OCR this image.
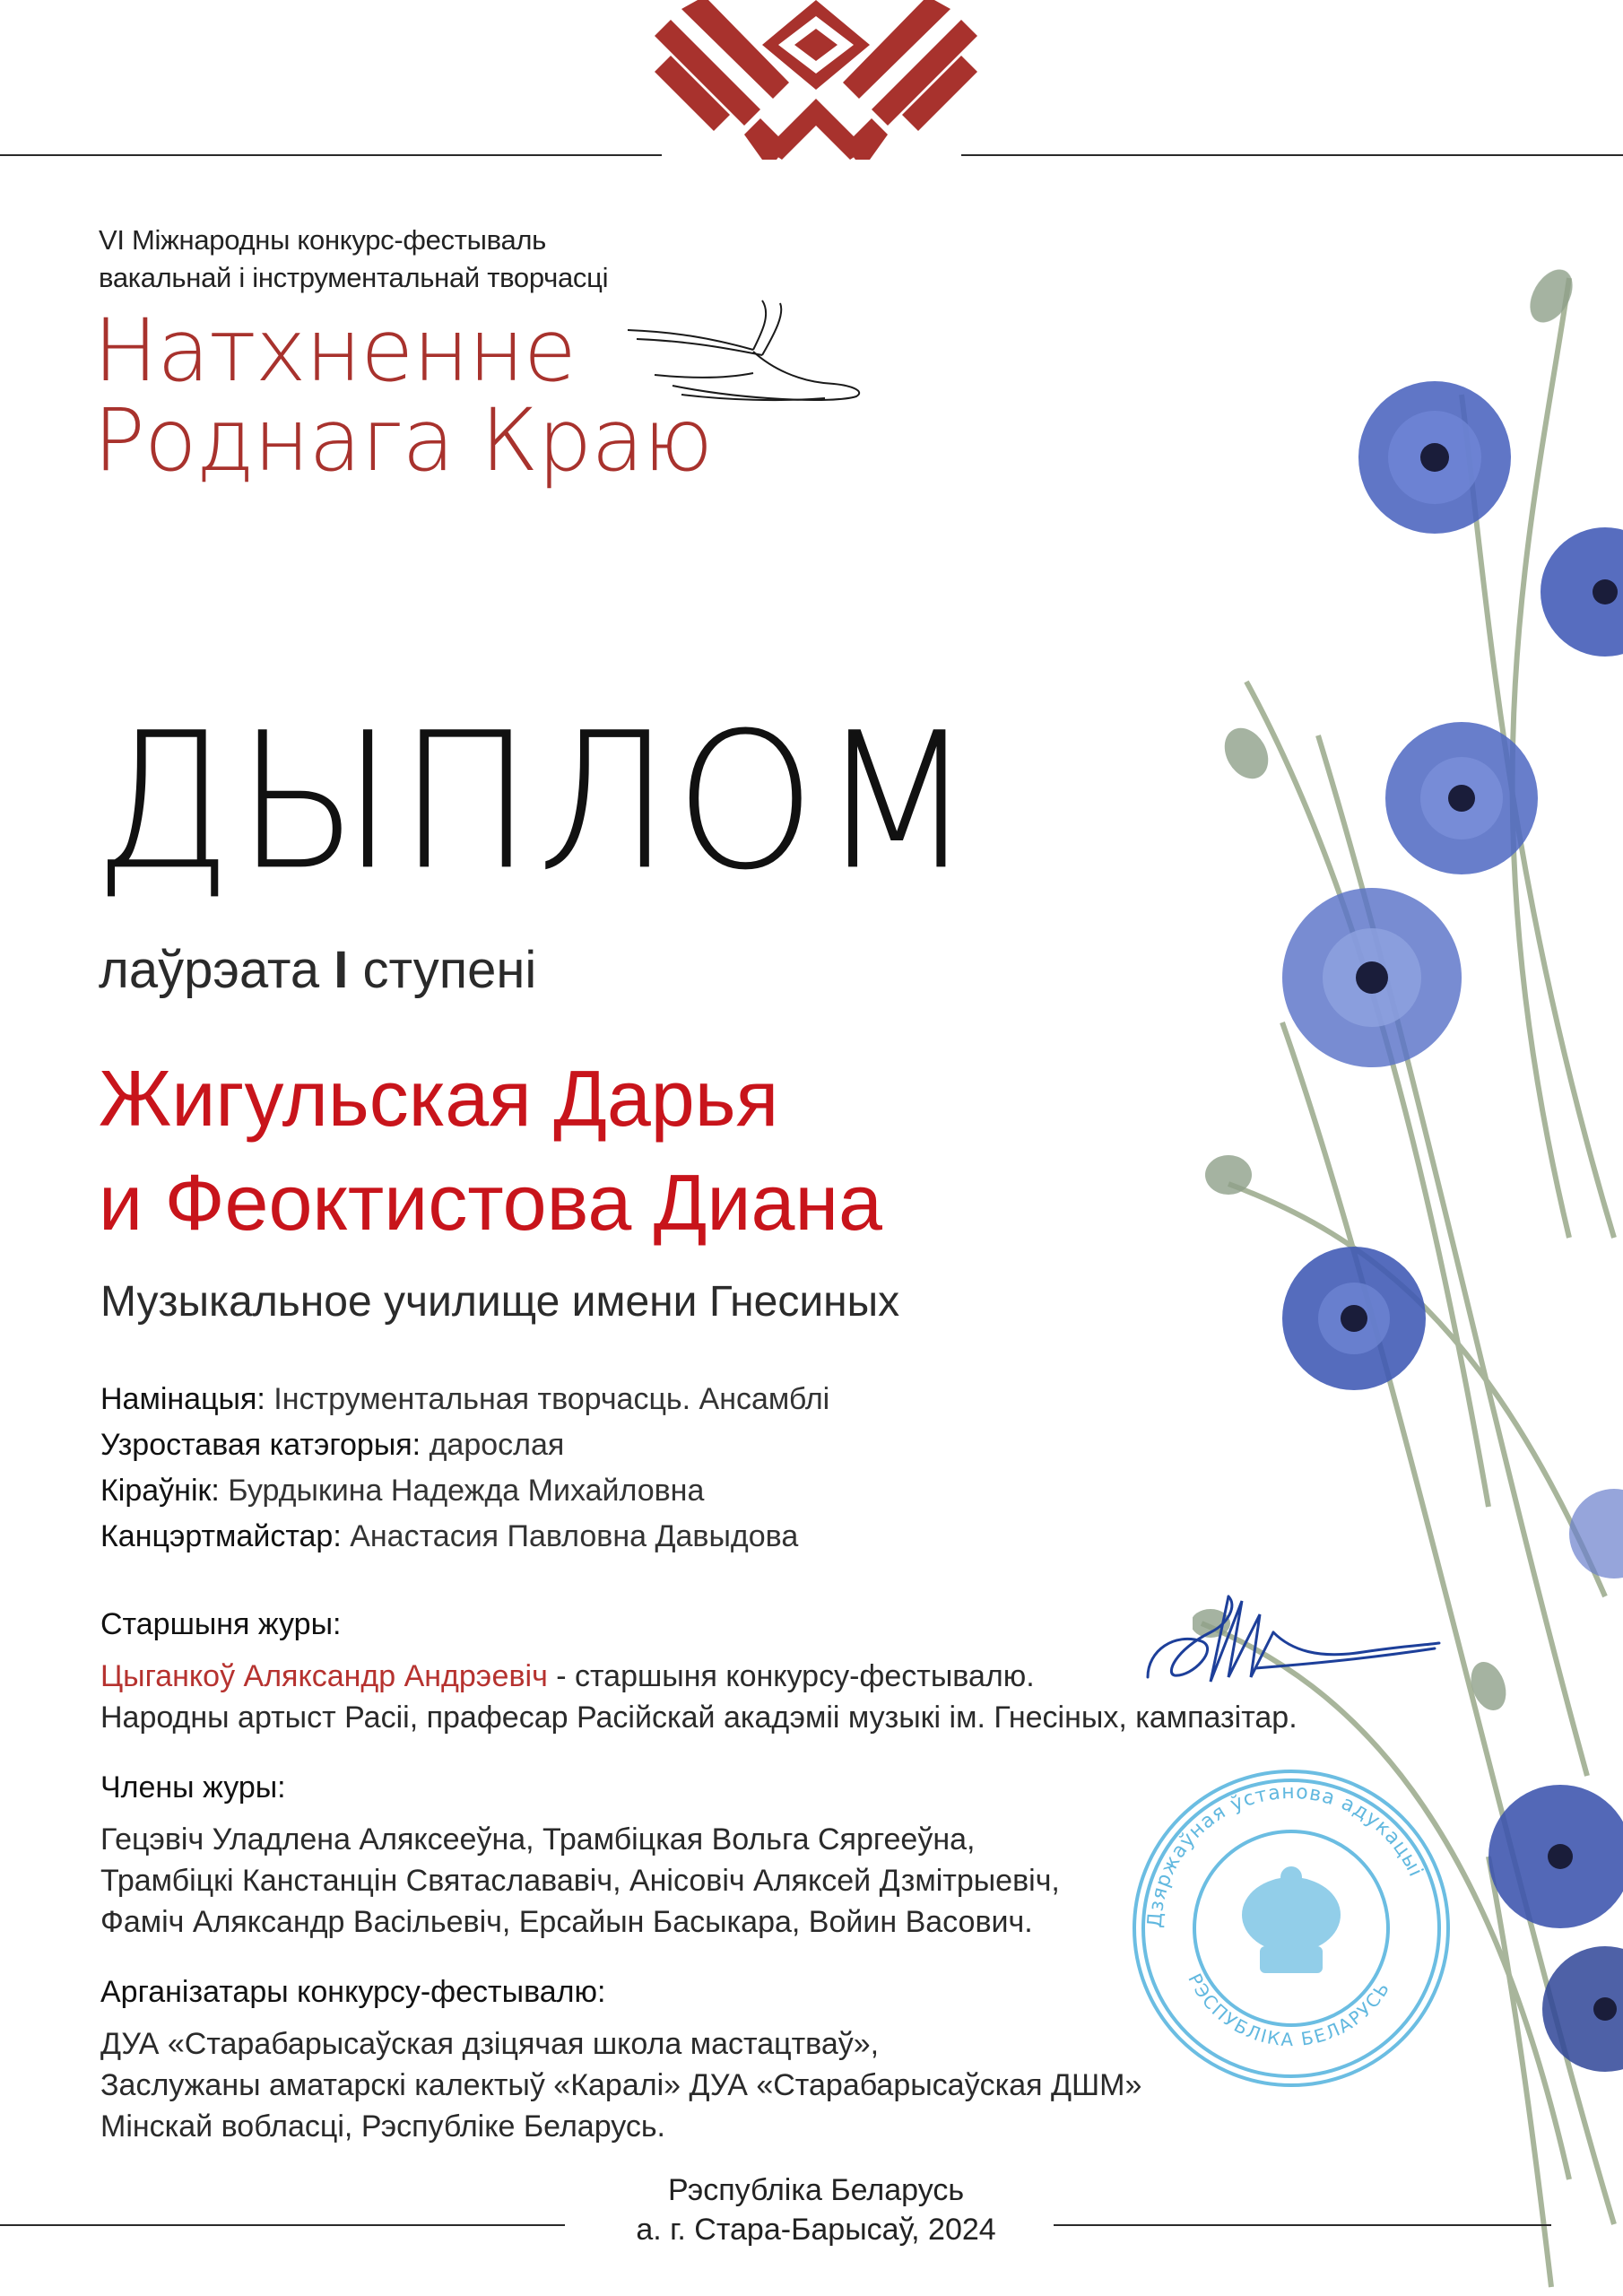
VI Міжнародны конкурс-фестываль
вакальнай і інструментальнай творчасці
Натхненне
Роднага Краю
ДЫПЛОМ
лаўрэата I ступені
Жигульская Дарья
и Феоктистова Диана
Музыкальное училище имени Гнесиных
Намінацыя: Інструментальная творчасць. Ансамблі
Узроставая катэгорыя: дарослая
Кіраўнік: Бурдыкина Надежда Михайловна
Канцэртмайстар: Анастасия Павловна Давыдова
Старшыня журы:
Цыганкоў Аляксандр Андрэевіч - старшыня конкурсу-фестывалю.
Народны артыст Расіі, прафесар Расійскай акадэміі музыкі ім. Гнесіных, кампазітар.
Члены журы:
Гецэвіч Уладлена Аляксееўна, Трамбіцкая Вольга Сяргееўна,
Трамбіцкі Канстанцін Святаслававіч, Анісовіч Аляксей Дзмітрыевіч,
Фаміч Аляксандр Васільевіч, Ерсайын Басыкара, Войин Васович.
Арганізатары конкурсу-фестывалю:
ДУА «Старабарысаўская дзіцячая школа мастацтваў»,
Заслужаны аматарскі калектыў «Каралі» ДУА «Старабарысаўская ДШМ»
Мінскай вобласці, Рэспубліке Беларусь.
Дзяржаўная ўстанова адукацыі
РЭСПУБЛІКА БЕЛАРУСЬ
Рэспубліка Беларусь
а. г. Стара-Барысаў, 2024
